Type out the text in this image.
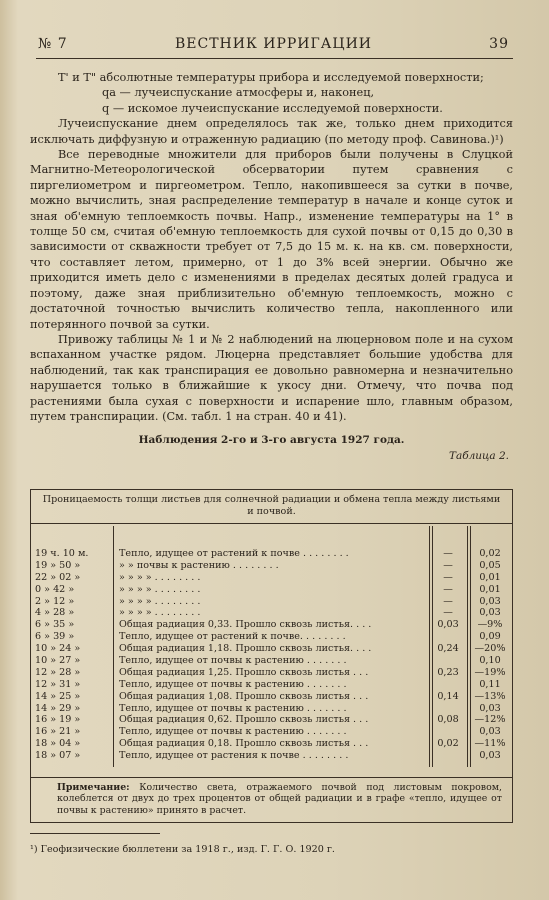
№ 7	ВЕСТНИК ИРРИГАЦИИ	39

T' и T" абсолютные температуры прибора и исследуемой поверхности;

qa — лучеиспускание атмосферы и, наконец,

q — искомое лучеиспускание исследуемой поверхности.

Лучеиспускание днем определялось так же, только днем приходится исключать диффузную и отраженную радиацию (по методу проф. Савинова.)¹)

Все переводные множители для приборов были получены в Слуцкой Магнитно-Метеорологической обсерватории путем сравнения с пиргелиометром и пиргеометром. Тепло, накопившееся за сутки в почве, можно вычислить, зная распределение температур в начале и конце суток и зная об'емную теплоемкость почвы. Напр., изменение температуры на 1° в толще 50 см, считая об'емную теплоемкость для сухой почвы от 0,15 до 0,30 в зависимости от скважности требует от 7,5 до 15 м. к. на кв. см. поверхности, что составляет летом, примерно, от 1 до 3% всей энергии. Обычно же приходится иметь дело с изменениями в пределах десятых долей градуса и поэтому, даже зная приблизительно об'емную теплоемкость, можно с достаточной точностью вычислить количество тепла, накопленного или потерянного почвой за сутки.

Привожу таблицы № 1 и № 2 наблюдений на люцерновом поле и на сухом вспаханном участке рядом. Люцерна представляет большие удобства для наблюдений, так как транспирация ее довольно равномерна и незначительно нарушается только в ближайшие к укосу дни. Отмечу, что почва под растениями была сухая с поверхности и испарение шло, главным образом, путем транспирации. (См. табл. 1 на стран. 40 и 41).

Наблюдения 2-го и 3-го августа 1927 года.
Таблица 2.
Проницаемость толщи листьев для солнечной радиации и обмена тепла между листьями и почвой.
19 ч. 10 м.	Тепло, идущее от растений к почве . . . . . . . .	—	0,02
19 » 50 »	» » почвы к растению . . . . . . . .	—	0,05
22 » 02 »	» » » » . . . . . . . .	—	0,01
0 » 42 »	» » » » . . . . . . . .	—	0,01
2 » 12 »	» » » » . . . . . . . .	—	0,03
4 » 28 »	» » » » . . . . . . . .	—	0,03
6 » 35 »	Общая радиация 0,33. Прошло сквозь листья. . . .	0,03	—9%
6 » 39 »	Тепло, идущее от растений к почве. . . . . . . .	0,09
10 » 24 »	Общая радиация 1,18. Прошло сквозь листья. . . .	0,24	—20%
10 » 27 »	Тепло, идущее от почвы к растению . . . . . . .	0,10
12 » 28 »	Общая радиация 1,25. Прошло сквозь листья . . .	0,23	—19%
12 » 31 »	Тепло, идущее от почвы к растению . . . . . . .	0,11
14 » 25 »	Общая радиация 1,08. Прошло сквозь листья . . .	0,14	—13%
14 » 29 »	Тепло, идущее от почвы к растению . . . . . . .	0,03
16 » 19 »	Общая радиация 0,62. Прошло сквозь листья . . .	0,08	—12%
16 » 21 »	Тепло, идущее от почвы к растению . . . . . . .	0,03
18 » 04 »	Общая радиация 0,18. Прошло сквозь листья . . .	0,02	—11%
18 » 07 »	Тепло, идущее от растения к почве . . . . . . . .	0,03
Примечание: Количество света, отражаемого почвой под листовым покровом, колеблется от двух до трех процентов от общей радиации и в графе «тепло, идущее от почвы к растению» принято в расчет.
¹) Геофизические бюллетени за 1918 г., изд. Г. Г. О. 1920 г.
